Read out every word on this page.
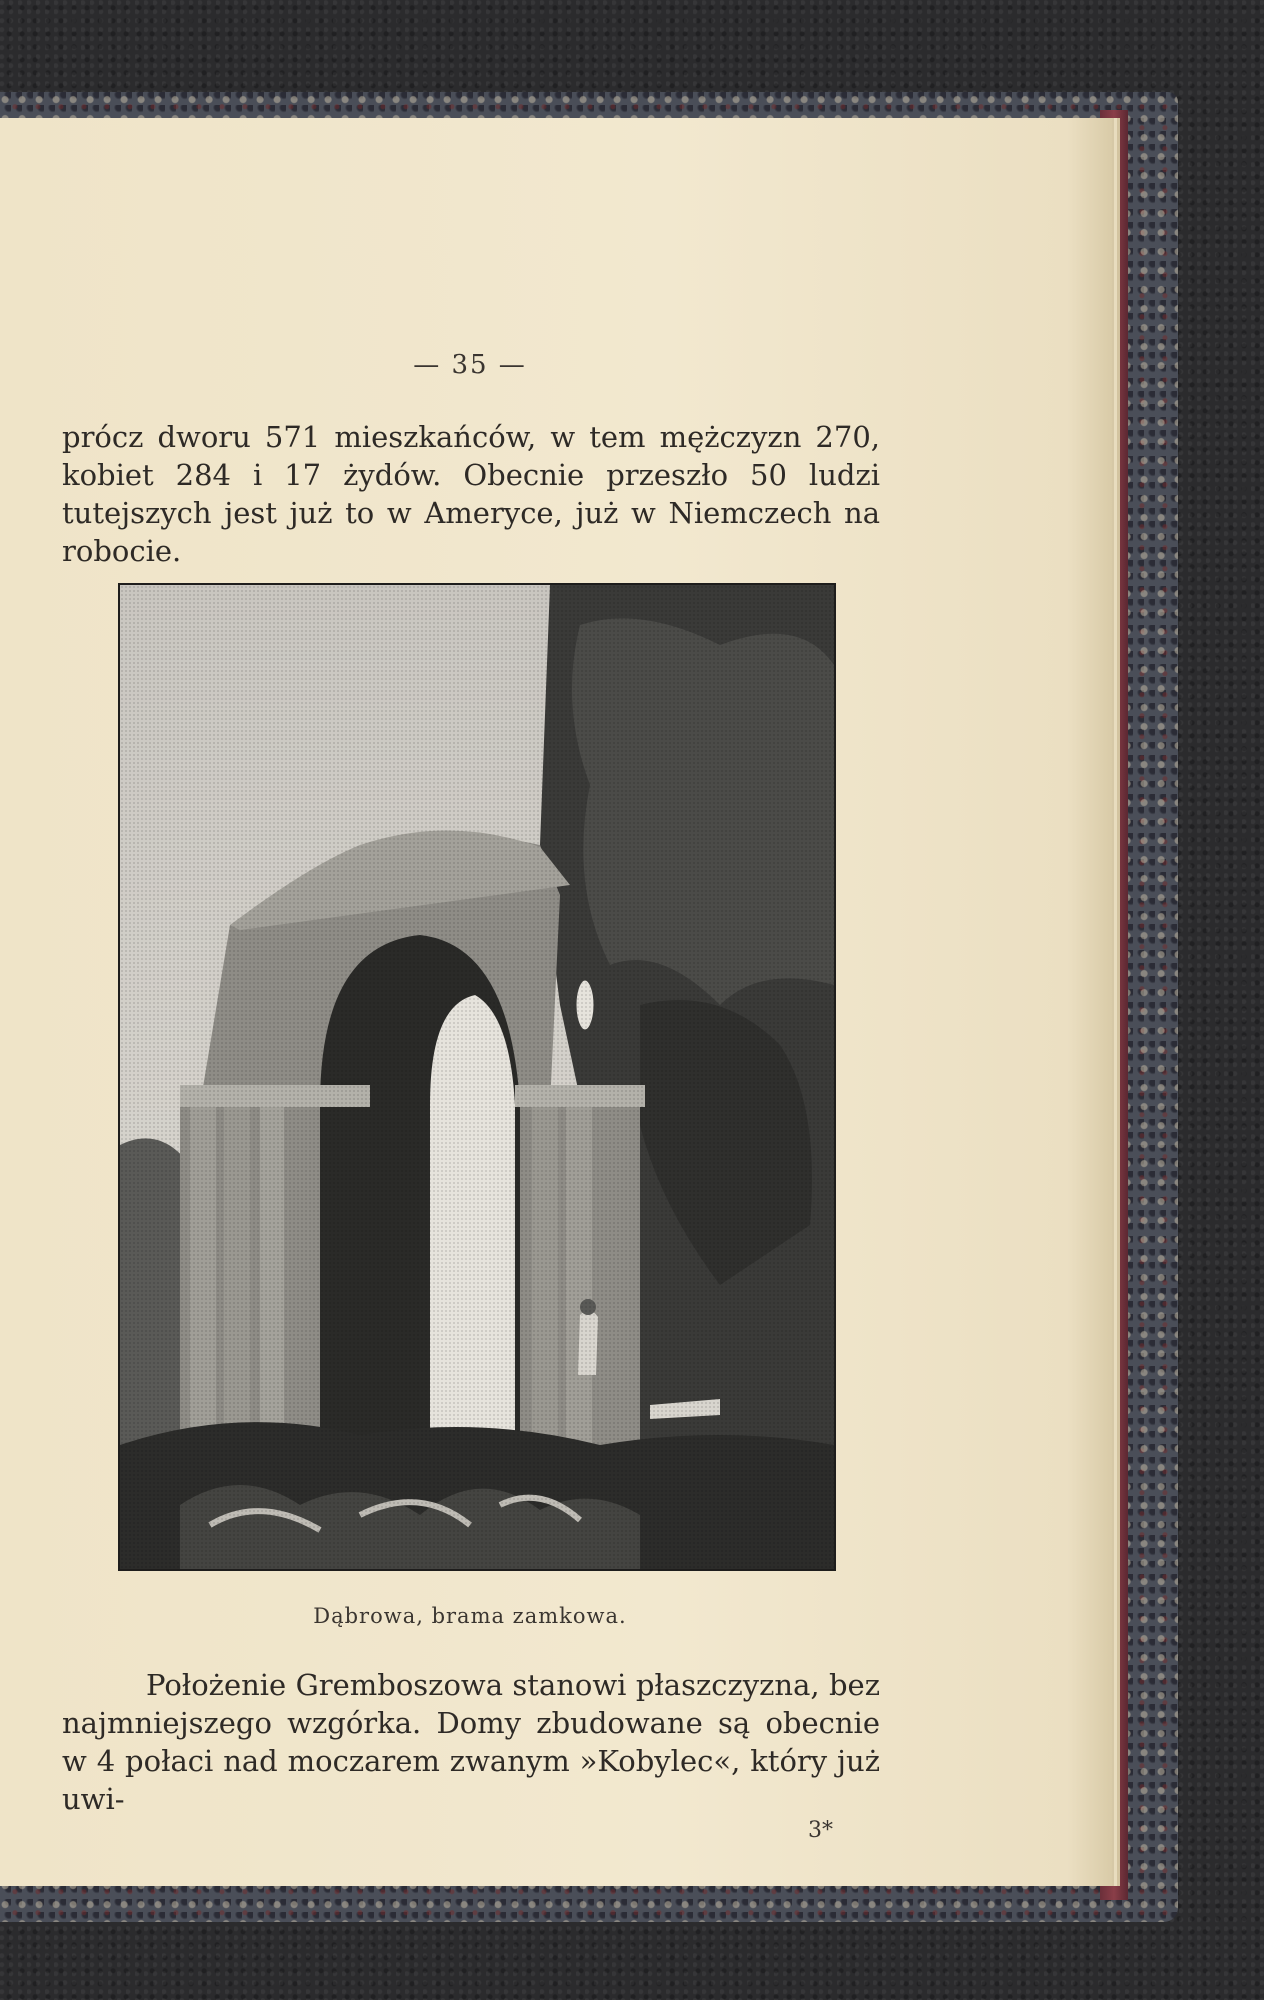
— 35 —

prócz dworu 571 mieszkańców, w tem mężczyzn 270, kobiet 284 i 17 żydów. Obecnie przeszło 50 ludzi tutejszych jest już to w Ameryce, już w Niemczech na robocie.

Dąbrowa, brama zamkowa.

Położenie Gremboszowa stanowi płaszczyzna, bez najmniejszego wzgórka. Domy zbudowane są obecnie w 4 połaci nad moczarem zwanym »Kobylec«, który już uwi-

3*
